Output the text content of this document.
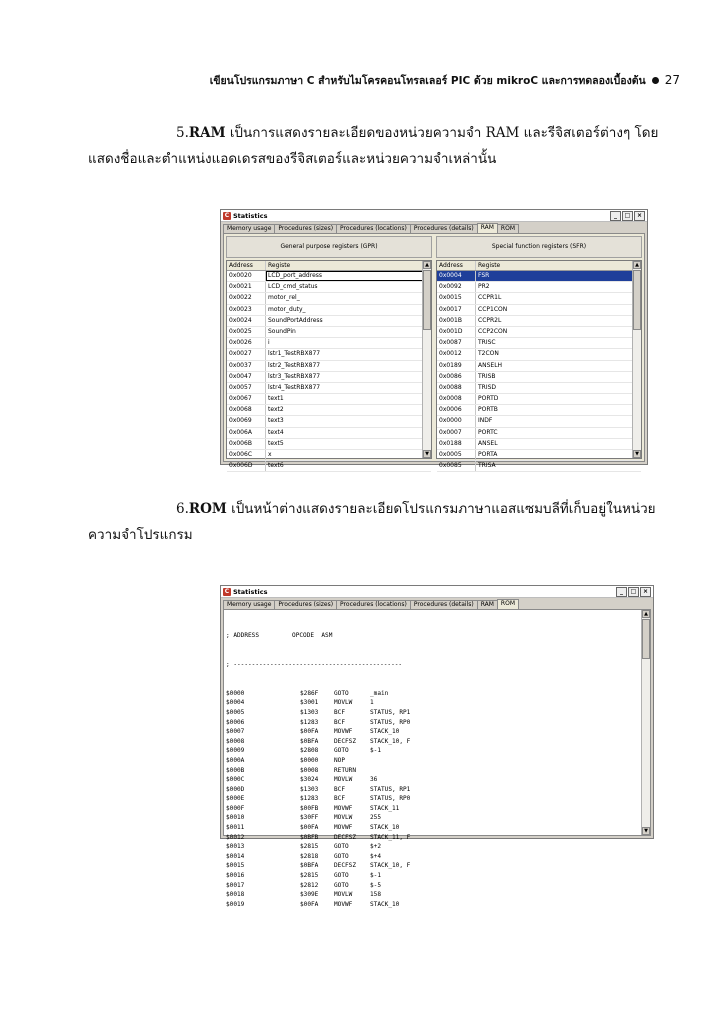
เขียนโปรแกรมภาษา C สำหรับไมโครคอนโทรลเลอร์ PIC ด้วย mikroC และการทดลองเบื้องต้น 27
5.RAM เป็นการแสดงรายละเอียดของหน่วยความจำ RAM และรีจิสเตอร์ต่างๆ โดย
แสดงชื่อและตำแหน่งแอดเดรสของรีจิสเตอร์และหน่วยความจำเหล่านั้น
C Statistics	_	□	×
Memory usage	Procedures (sizes)	Procedures (locations)	Procedures (details)	RAM	ROM
General purpose registers (GPR)
Address	Registe
0x0020	LCD_port_address
0x0021	LCD_cmd_status
0x0022	motor_rel_
0x0023	motor_duty_
0x0024	SoundPortAddress
0x0025	SoundPin
0x0026	i
0x0027	lstr1_TestRBX877
0x0037	lstr2_TestRBX877
0x0047	lstr3_TestRBX877
0x0057	lstr4_TestRBX877
0x0067	text1
0x0068	text2
0x0069	text3
0x006A	text4
0x006B	text5
0x006C	x
0x006D	text6
▲
▼
Special function registers (SFR)
Address	Registe
0x0004	FSR
0x0092	PR2
0x0015	CCPR1L
0x0017	CCP1CON
0x001B	CCPR2L
0x001D	CCP2CON
0x0087	TRISC
0x0012	T2CON
0x0189	ANSELH
0x0086	TRISB
0x0088	TRISD
0x0008	PORTD
0x0006	PORTB
0x0000	INDF
0x0007	PORTC
0x0188	ANSEL
0x0005	PORTA
0x0085	TRISA
▲
▼
6.ROM เป็นหน้าต่างแสดงรายละเอียดโปรแกรมภาษาแอสแซมบลีที่เก็บอยู่ในหน่วย
ความจำโปรแกรม
C Statistics	_	□	×
Memory usage	Procedures (sizes)	Procedures (locations)	Procedures (details)	RAM	ROM

; ADDRESS         OPCODE  ASM

; ----------------------------------------------

$0000	$286F	GOTO	_main
$0004	$3001	MOVLW	1
$0005	$1303	BCF	STATUS, RP1
$0006	$1283	BCF	STATUS, RP0
$0007	$00FA	MOVWF	STACK_10
$0008	$0BFA	DECFSZ	STACK_10, F
$0009	$2808	GOTO	$-1
$000A	$0000	NOP
$000B	$0008	RETURN
$000C	$3024	MOVLW	36
$000D	$1303	BCF	STATUS, RP1
$000E	$1283	BCF	STATUS, RP0
$000F	$00FB	MOVWF	STACK_11
$0010	$30FF	MOVLW	255
$0011	$00FA	MOVWF	STACK_10
$0012	$0BFB	DECFSZ	STACK_11, F
$0013	$2815	GOTO	$+2
$0014	$2818	GOTO	$+4
$0015	$0BFA	DECFSZ	STACK_10, F
$0016	$2815	GOTO	$-1
$0017	$2812	GOTO	$-5
$0018	$309E	MOVLW	158
$0019	$00FA	MOVWF	STACK_10

▲
▼
